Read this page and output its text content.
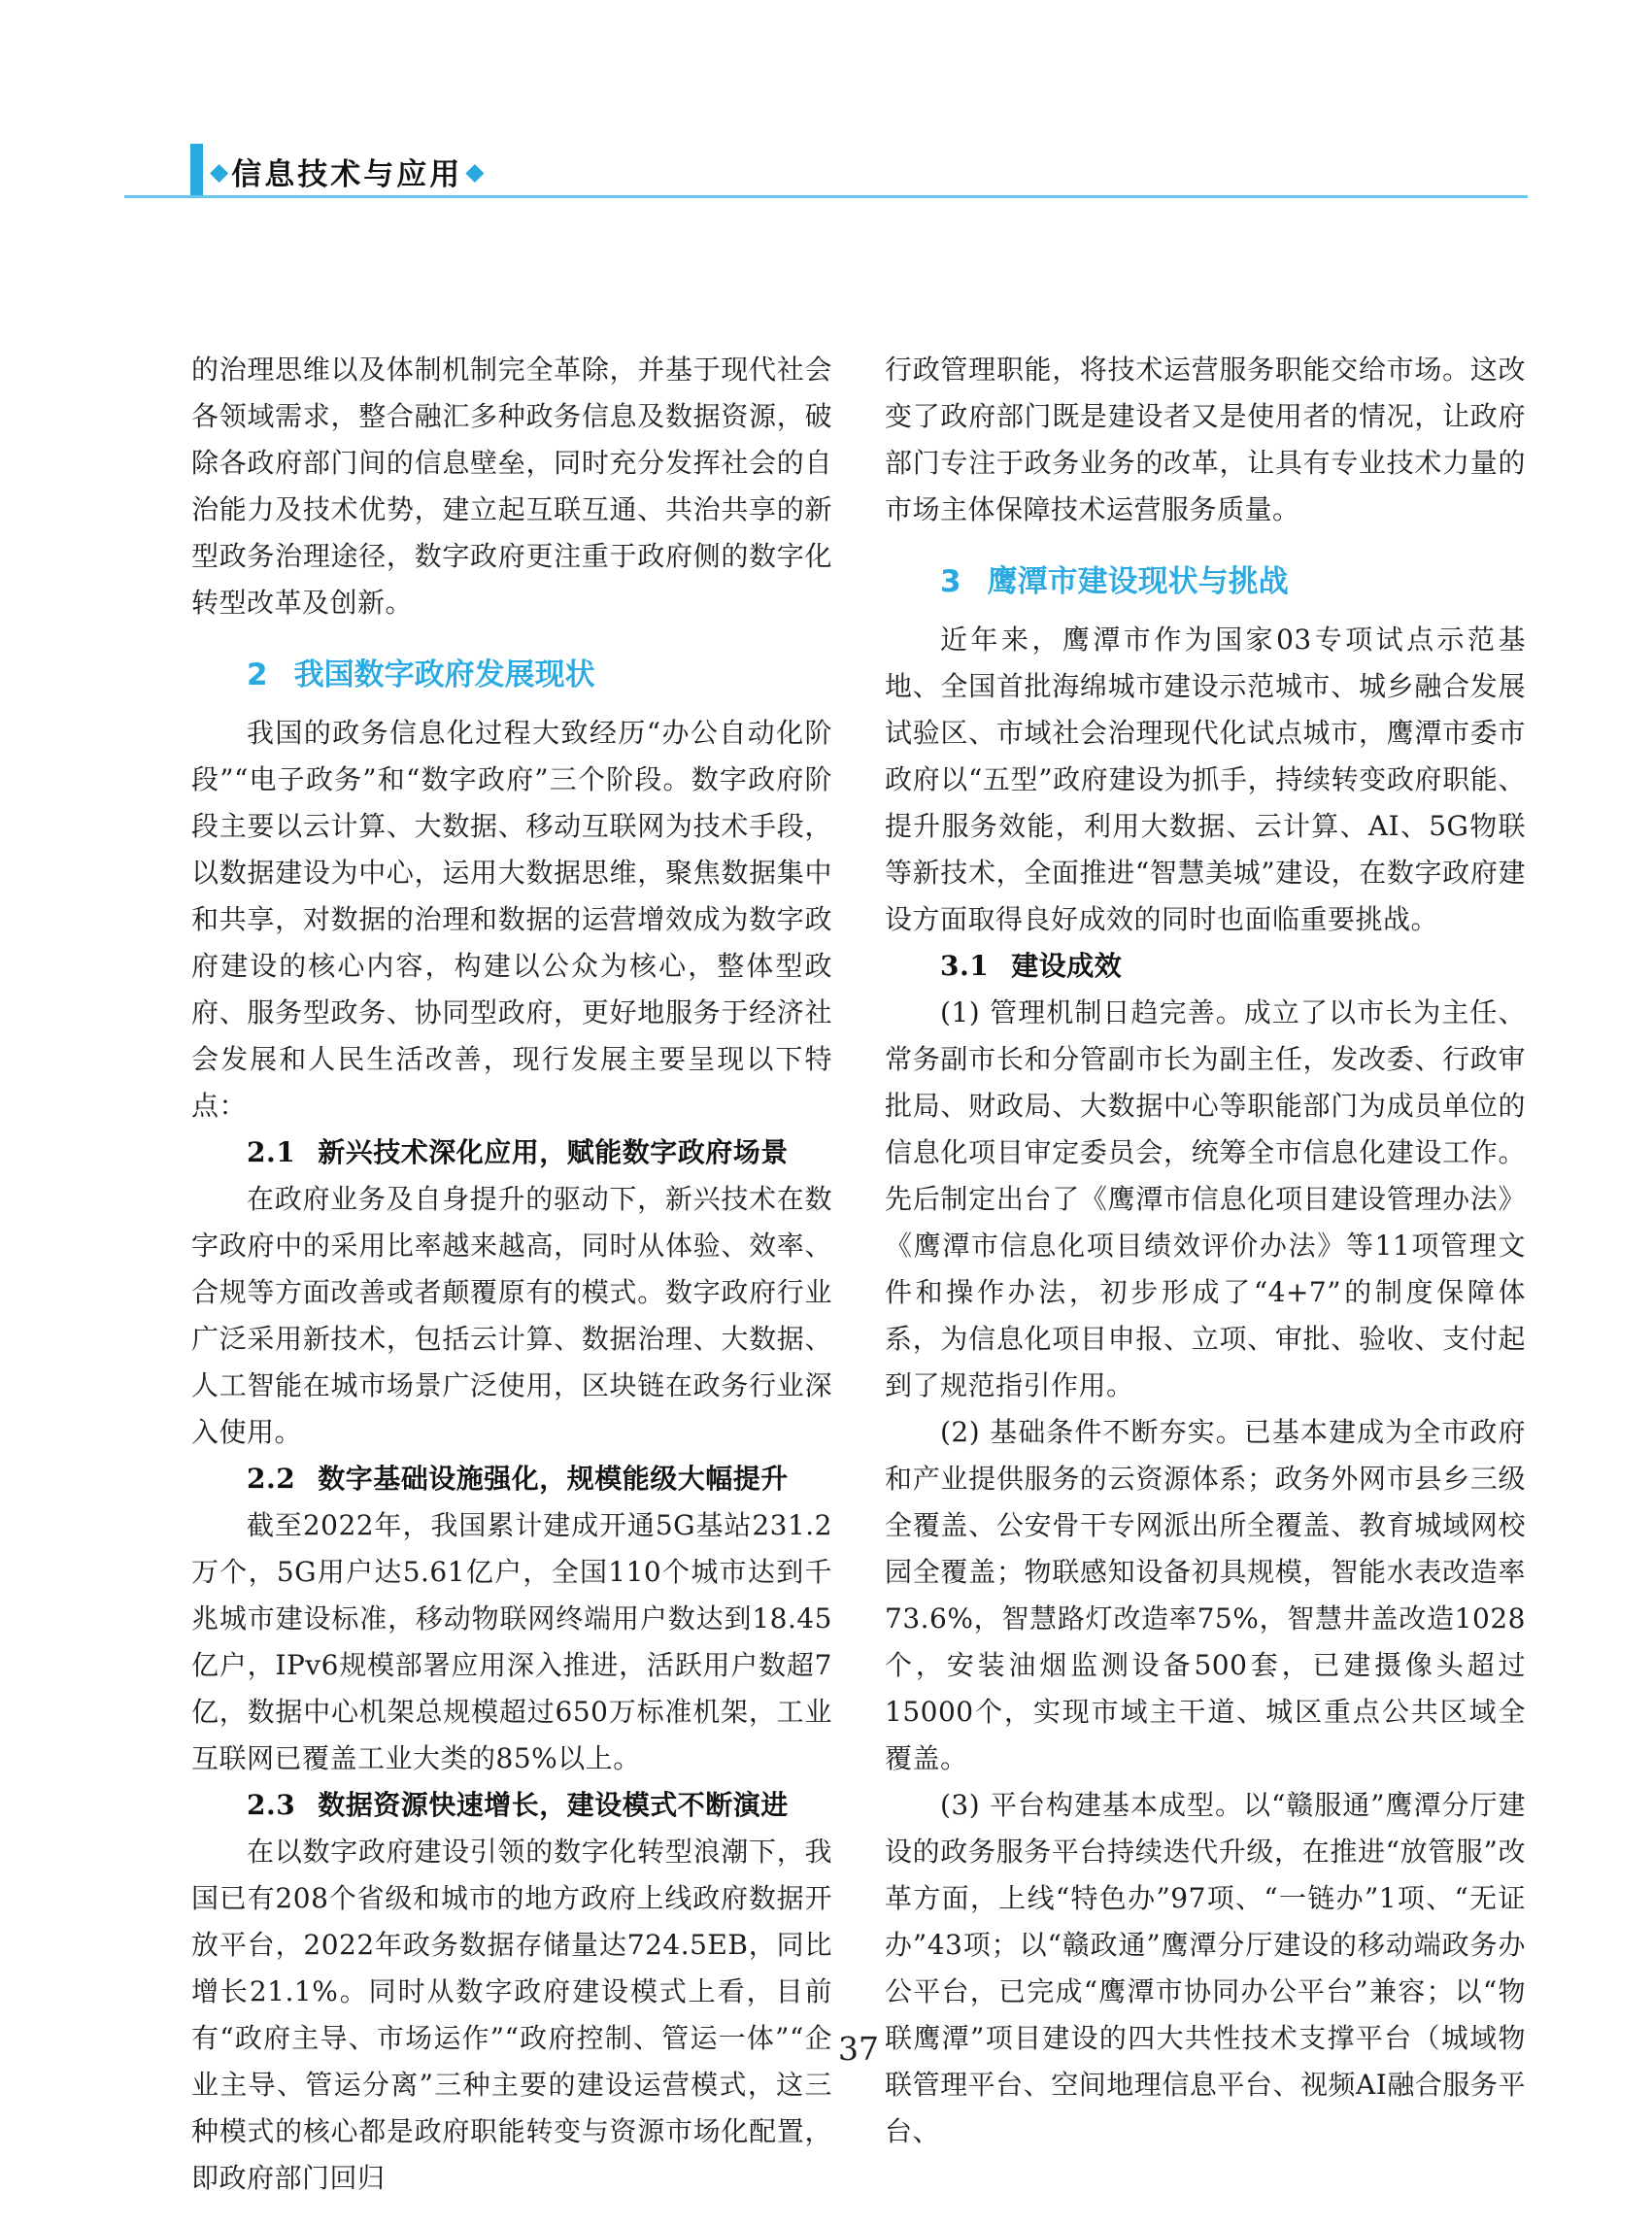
◆ 信息技术与应用 ◆

的治理思维以及体制机制完全革除，并基于现代社会各领域需求，整合融汇多种政务信息及数据资源，破除各政府部门间的信息壁垒，同时充分发挥社会的自治能力及技术优势，建立起互联互通、共治共享的新型政务治理途径，数字政府更注重于政府侧的数字化转型改革及创新。

2 我国数字政府发展现状

我国的政务信息化过程大致经历“办公自动化阶段”“电子政务”和“数字政府”三个阶段。数字政府阶段主要以云计算、大数据、移动互联网为技术手段，以数据建设为中心，运用大数据思维，聚焦数据集中和共享，对数据的治理和数据的运营增效成为数字政府建设的核心内容，构建以公众为核心，整体型政府、服务型政务、协同型政府，更好地服务于经济社会发展和人民生活改善，现行发展主要呈现以下特点：

2.1 新兴技术深化应用，赋能数字政府场景

在政府业务及自身提升的驱动下，新兴技术在数字政府中的采用比率越来越高，同时从体验、效率、合规等方面改善或者颠覆原有的模式。数字政府行业广泛采用新技术，包括云计算、数据治理、大数据、人工智能在城市场景广泛使用，区块链在政务行业深入使用。

2.2 数字基础设施强化，规模能级大幅提升

截至2022年，我国累计建成开通5G基站231.2万个，5G用户达5.61亿户，全国110个城市达到千兆城市建设标准，移动物联网终端用户数达到18.45亿户，IPv6规模部署应用深入推进，活跃用户数超7亿，数据中心机架总规模超过650万标准机架，工业互联网已覆盖工业大类的85%以上。

2.3 数据资源快速增长，建设模式不断演进

在以数字政府建设引领的数字化转型浪潮下，我国已有208个省级和城市的地方政府上线政府数据开放平台，2022年政务数据存储量达724.5EB，同比增长21.1%。同时从数字政府建设模式上看，目前有“政府主导、市场运作”“政府控制、管运一体”“企业主导、管运分离”三种主要的建设运营模式，这三种模式的核心都是政府职能转变与资源市场化配置，即政府部门回归

行政管理职能，将技术运营服务职能交给市场。这改变了政府部门既是建设者又是使用者的情况，让政府部门专注于政务业务的改革，让具有专业技术力量的市场主体保障技术运营服务质量。

3 鹰潭市建设现状与挑战

近年来，鹰潭市作为国家03专项试点示范基地、全国首批海绵城市建设示范城市、城乡融合发展试验区、市域社会治理现代化试点城市，鹰潭市委市政府以“五型”政府建设为抓手，持续转变政府职能、提升服务效能，利用大数据、云计算、AI、5G物联等新技术，全面推进“智慧美城”建设，在数字政府建设方面取得良好成效的同时也面临重要挑战。

3.1 建设成效

(1) 管理机制日趋完善。成立了以市长为主任、常务副市长和分管副市长为副主任，发改委、行政审批局、财政局、大数据中心等职能部门为成员单位的信息化项目审定委员会，统筹全市信息化建设工作。先后制定出台了《鹰潭市信息化项目建设管理办法》《鹰潭市信息化项目绩效评价办法》等11项管理文件和操作办法，初步形成了“4+7”的制度保障体系，为信息化项目申报、立项、审批、验收、支付起到了规范指引作用。

(2) 基础条件不断夯实。已基本建成为全市政府和产业提供服务的云资源体系；政务外网市县乡三级全覆盖、公安骨干专网派出所全覆盖、教育城域网校园全覆盖；物联感知设备初具规模，智能水表改造率73.6%，智慧路灯改造率75%，智慧井盖改造1028个，安装油烟监测设备500套，已建摄像头超过15000个，实现市域主干道、城区重点公共区域全覆盖。

(3) 平台构建基本成型。以“赣服通”鹰潭分厅建设的政务服务平台持续迭代升级，在推进“放管服”改革方面，上线“特色办”97项、“一链办”1项、“无证办”43项；以“赣政通”鹰潭分厅建设的移动端政务办公平台，已完成“鹰潭市协同办公平台”兼容；以“物联鹰潭”项目建设的四大共性技术支撑平台（城域物联管理平台、空间地理信息平台、视频AI融合服务平台、

37
